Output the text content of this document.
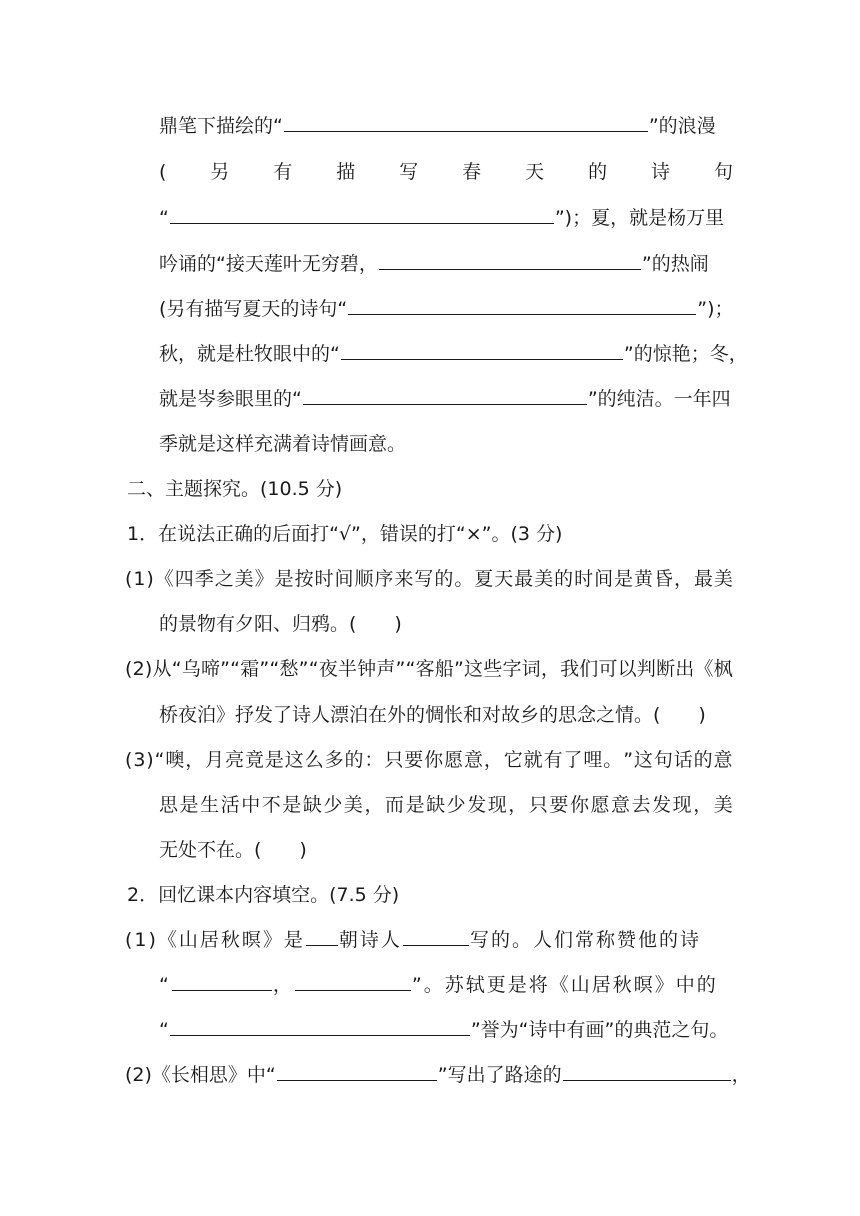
鼎笔下描绘的“	”的浪漫
( 另 有 描 写 春 天 的 诗 句
“	”)；夏，就是杨万里
吟诵的“接天莲叶无穷碧，	”的热闹
(另有描写夏天的诗句“	”)；
秋，就是杜牧眼中的“	”的惊艳；冬，
就是岑参眼里的“	”的纯洁。一年四
季就是这样充满着诗情画意。
二、主题探究。(10.5 分)
1．在说法正确的后面打“√”，错误的打“×”。(3 分)
( 1 ) 《 四 季 之 美 》 是 按 时 间 顺 序 来 写 的 。 夏 天 最 美 的 时 间 是 黄 昏 ， 最 美
的景物有夕阳、归鸦。(　　)
( 2 ) 从 “ 乌 啼 ” “ 霜 ” “ 愁 ” “ 夜 半 钟 声 ” “ 客 船 ” 这 些 字 词 ， 我 们 可 以 判 断 出 《 枫
桥夜泊》抒发了诗人漂泊在外的惆怅和对故乡的思念之情。(　　)
( 3 ) “ 噢 ， 月 亮 竟 是 这 么 多 的 ： 只 要 你 愿 意 ， 它 就 有 了 哩 。 ” 这 句 话 的 意
思 是 生 活 中 不 是 缺 少 美 ， 而 是 缺 少 发 现 ， 只 要 你 愿 意 去 发 现 ， 美
无处不在。(　　)
2．回忆课本内容填空。(7.5 分)
(1)《山居秋暝》是 朝诗人	写的。人们常称赞他的诗
“	，	”。苏轼更是将《山居秋暝》中的
“	”誉为“诗中有画”的典范之句。
(2)《长相思》中“	”写出了路途的	，
